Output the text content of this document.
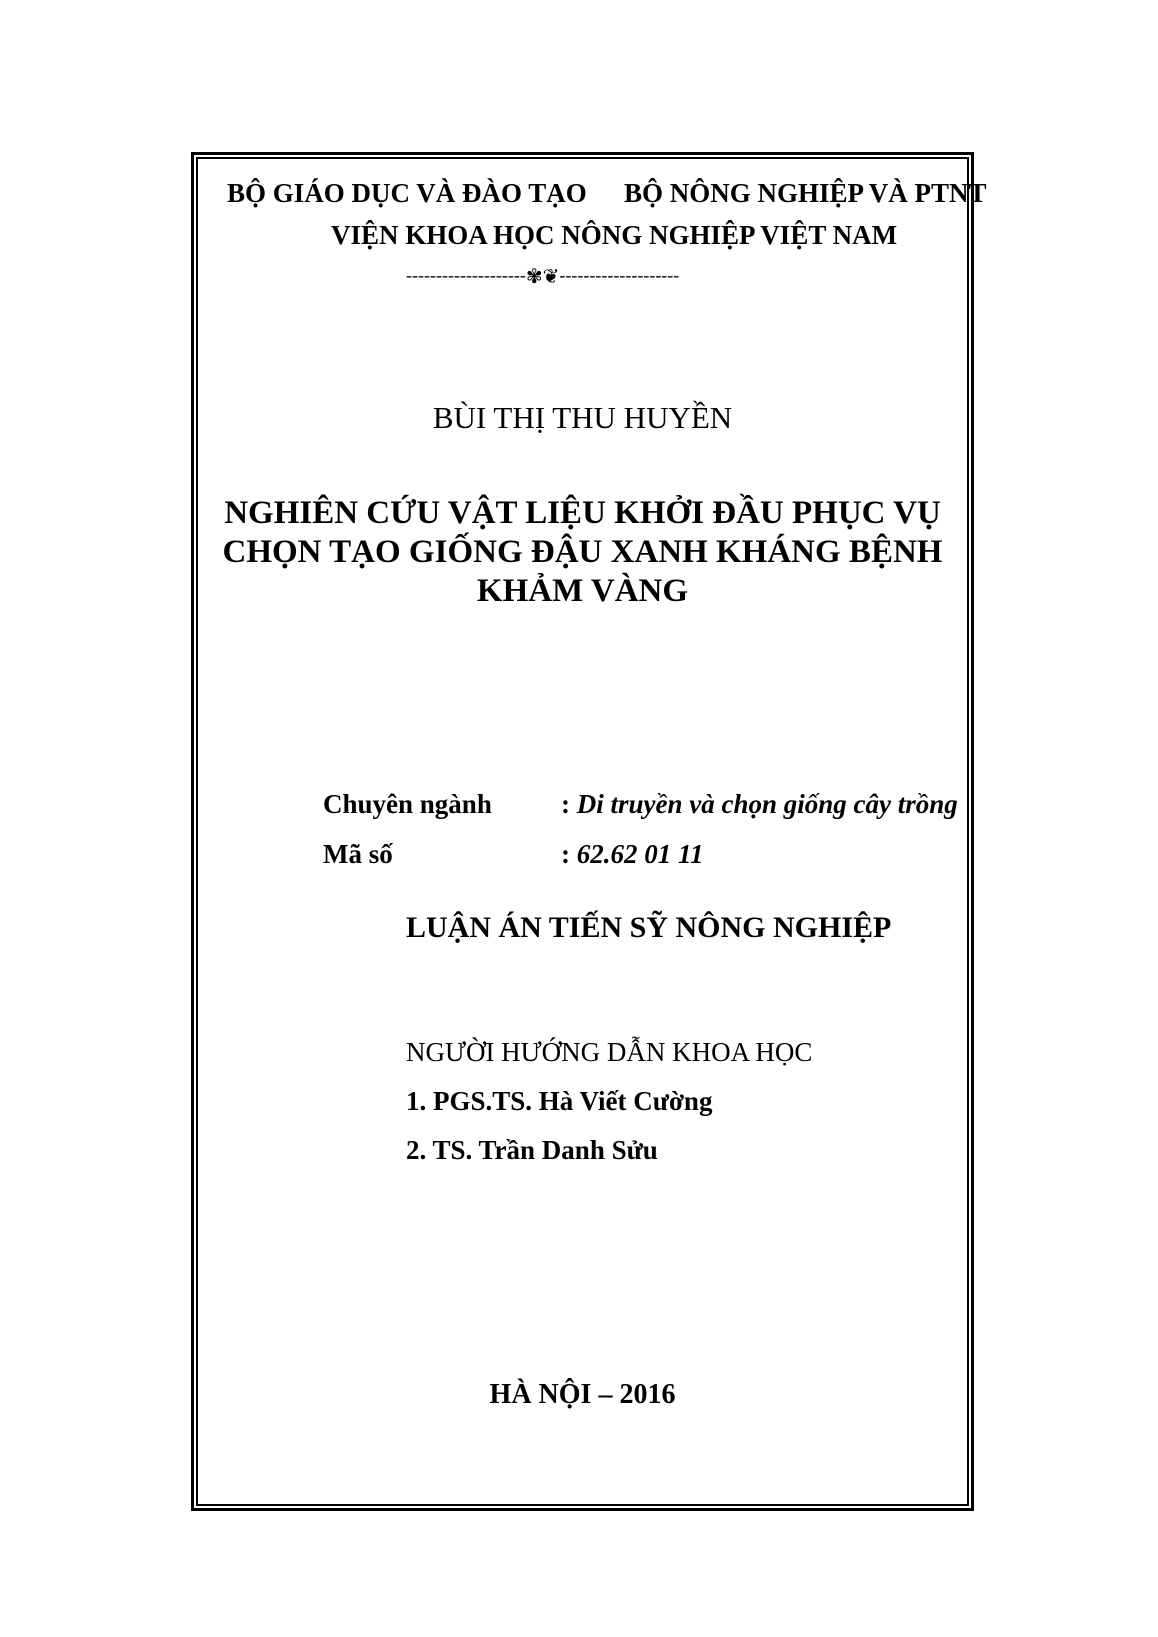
BỘ GIÁO DỤC VÀ ĐÀO TẠO BỘ NÔNG NGHIỆP VÀ PTNT
VIỆN KHOA HỌC NÔNG NGHIỆP VIỆT NAM
--------------------✾❦--------------------
BÙI THỊ THU HUYỀN
NGHIÊN CỨU VẬT LIỆU KHỞI ĐẦU PHỤC VỤ
CHỌN TẠO GIỐNG ĐẬU XANH KHÁNG BỆNH
KHẢM VÀNG
Chuyên ngành	: Di truyền và chọn giống cây trồng
Mã số	: 62.62 01 11
LUẬN ÁN TIẾN SỸ NÔNG NGHIỆP
NGƯỜI HƯỚNG DẪN KHOA HỌC
1. PGS.TS. Hà Viết Cường
2. TS. Trần Danh Sửu
HÀ NỘI – 2016
